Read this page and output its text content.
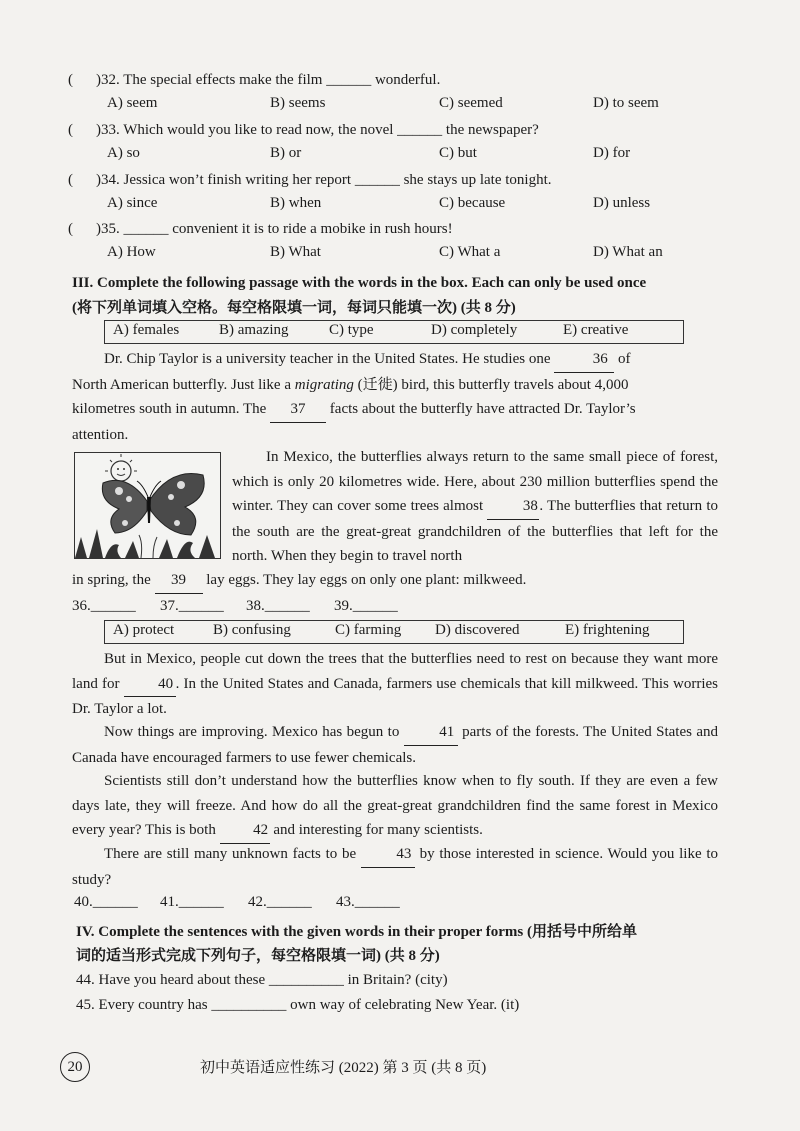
( )32. The special effects make the film ______ wonderful.
A) seem	B) seems	C) seemed	D) to seem
( )33. Which would you like to read now, the novel ______ the newspaper?
A) so	B) or	C) but	D) for
( )34. Jessica won’t finish writing her report ______ she stays up late tonight.
A) since	B) when	C) because	D) unless
( )35. ______ convenient it is to ride a mobike in rush hours!
A) How	B) What	C) What a	D) What an
III. Complete the following passage with the words in the box. Each can only be used once
(将下列单词填入空格。每空格限填一词，每词只能填一次) (共 8 分)
A) females	B) amazing	C) type	D) completely	E) creative
Dr. Chip Taylor is a university teacher in the United States. He studies one	36 of
North American butterfly. Just like a migrating (迁徙) bird, this butterfly travels about 4,000
kilometres south in autumn. The 37 facts about the butterfly have attracted Dr. Taylor’s
attention.
In Mexico, the butterflies always return to the same small piece of forest, which is only 20 kilometres wide. Here, about 230 million butterflies spend the winter. They can cover some trees almost	38 . The butterflies that return to the south are the great-great grandchildren of the butterflies that left for the north. When they begin to travel north
in spring, the 39 lay eggs. They lay eggs on only one plant: milkweed.
36.______ 37.______ 38.______ 39.______
A) protect	B) confusing	C) farming D) discovered	E) frightening
But in Mexico, people cut down the trees that the butterflies need to rest on because they want more land for	40 . In the United States and Canada, farmers use chemicals that kill milkweed. This worries Dr. Taylor a lot.
Now things are improving. Mexico has begun to	41 parts of the forests. The United States and Canada have encouraged farmers to use fewer chemicals.
Scientists still don’t understand how the butterflies know when to fly south. If they are even a few days late, they will freeze. And how do all the great-great grandchildren find the same forest in Mexico every year? This is both 42 and interesting for many scientists.
There are still many unknown facts to be	43 by those interested in science. Would you like to study?
40.______ 41.______ 42.______ 43.______
IV. Complete the sentences with the given words in their proper forms (用括号中所给单
词的适当形式完成下列句子，每空格限填一词) (共 8 分)
44. Have you heard about these __________ in Britain? (city)
45. Every country has __________ own way of celebrating New Year. (it)
20	初中英语适应性练习 (2022) 第 3 页 (共 8 页)
